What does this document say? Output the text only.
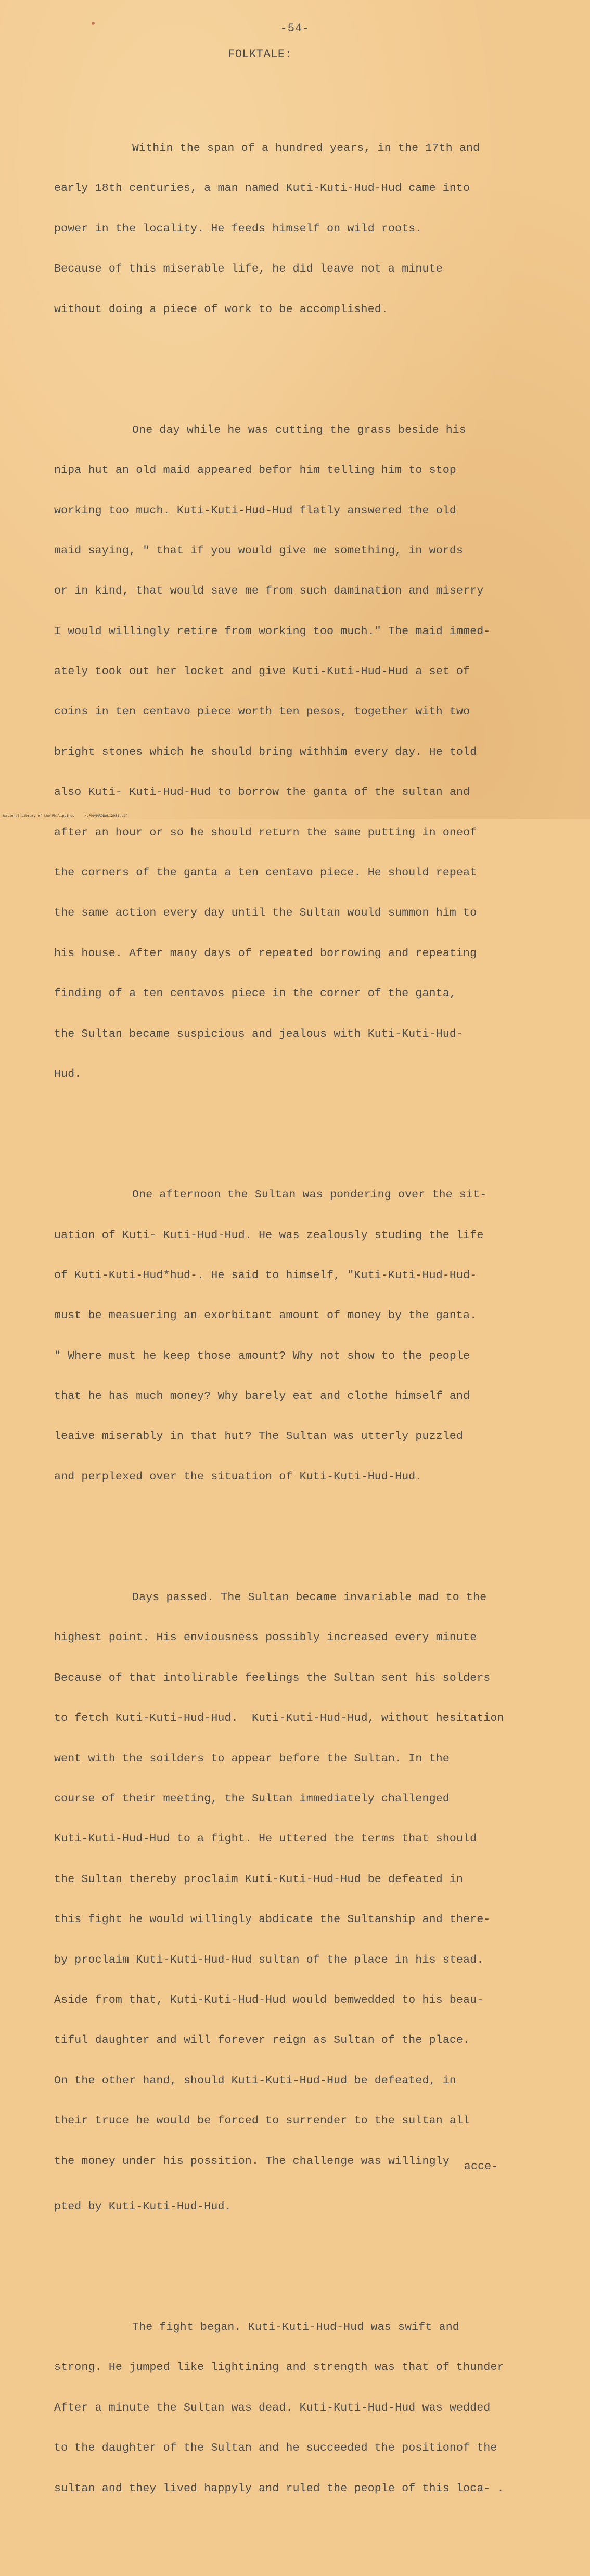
-54-
FOLKTALE:

Within the span of a hundred years, in the 17th and

early 18th centuries, a man named Kuti-Kuti-Hud-Hud came into

power in the locality. He feeds himself on wild roots.

Because of this miserable life, he did leave not a minute

without doing a piece of work to be accomplished.

One day while he was cutting the grass beside his

nipa hut an old maid appeared befor him telling him to stop

working too much. Kuti-Kuti-Hud-Hud flatly answered the old

maid saying, " that if you would give me something, in words

or in kind, that would save me from such damination and miserry

I would willingly retire from working too much." The maid immed-

ately took out her locket and give Kuti-Kuti-Hud-Hud a set of

coins in ten centavo piece worth ten pesos, together with two

bright stones which he should bring withhim every day. He told

also Kuti- Kuti-Hud-Hud to borrow the ganta of the sultan and

after an hour or so he should return the same putting in oneof

the corners of the ganta a ten centavo piece. He should repeat

the same action every day until the Sultan would summon him to

his house. After many days of repeated borrowing and repeating

finding of a ten centavos piece in the corner of the ganta,

the Sultan became suspicious and jealous with Kuti-Kuti-Hud-

Hud.

One afternoon the Sultan was pondering over the sit-

uation of Kuti- Kuti-Hud-Hud. He was zealously studing the life

of Kuti-Kuti-Hud*hud-. He said to himself, "Kuti-Kuti-Hud-Hud-

must be measuering an exorbitant amount of money by the ganta.

" Where must he keep those amount? Why not show to the people

that he has much money? Why barely eat and clothe himself and

leaive miserably in that hut? The Sultan was utterly puzzled

and perplexed over the situation of Kuti-Kuti-Hud-Hud.

Days passed. The Sultan became invariable mad to the

highest point. His enviousness possibly increased every minute

Because of that intolirable feelings the Sultan sent his solders

to fetch Kuti-Kuti-Hud-Hud.  Kuti-Kuti-Hud-Hud, without hesitation

went with the soilders to appear before the Sultan. In the

course of their meeting, the Sultan immediately challenged

Kuti-Kuti-Hud-Hud to a fight. He uttered the terms that should

the Sultan thereby proclaim Kuti-Kuti-Hud-Hud be defeated in

this fight he would willingly abdicate the Sultanship and there-

by proclaim Kuti-Kuti-Hud-Hud sultan of the place in his stead.

Aside from that, Kuti-Kuti-Hud-Hud would bemwedded to his beau-

tiful daughter and will forever reign as Sultan of the place.

On the other hand, should Kuti-Kuti-Hud-Hud be defeated, in

their truce he would be forced to surrender to the sultan all

the money under his possition. The challenge was willingly acce-

pted by Kuti-Kuti-Hud-Hud.

The fight began. Kuti-Kuti-Hud-Hud was swift and

strong. He jumped like lightining and strength was that of thunder

After a minute the Sultan was dead. Kuti-Kuti-Hud-Hud was wedded

to the daughter of the Sultan and he succeeded the positionof the

sultan and they lived happyly and ruled the people of this loca- .

National Library of the Philippines     NLP00MHRDDAL12058.tif
